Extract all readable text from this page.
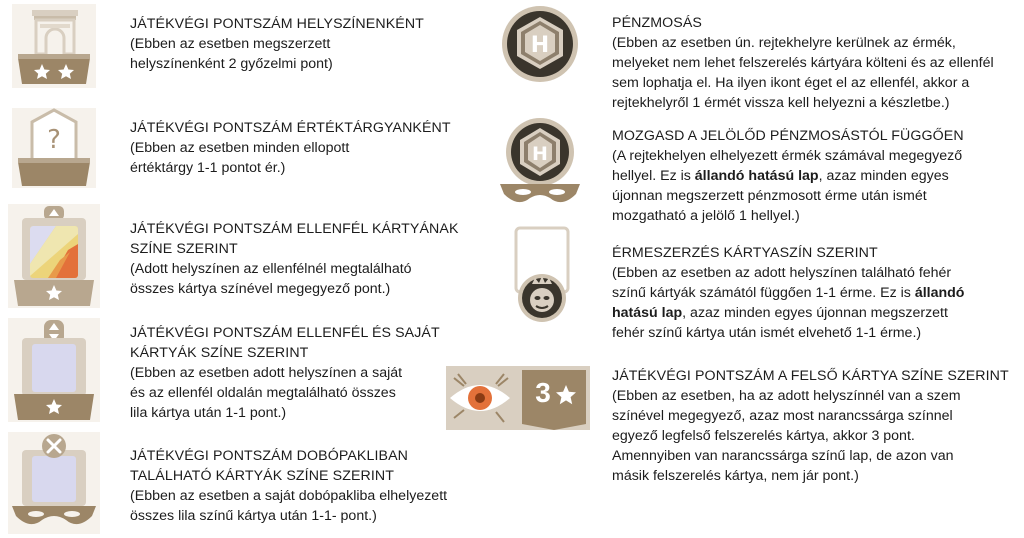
JÁTÉKVÉGI PONTSZÁM HELYSZÍNENKÉNT
(Ebben az esetben megszerzett
helyszínenként 2 győzelmi pont)
?	JÁTÉKVÉGI PONTSZÁM ÉRTÉKTÁRGYANKÉNT
(Ebben az esetben minden ellopott
értéktárgy 1-1 pontot ér.)
JÁTÉKVÉGI PONTSZÁM ELLENFÉL KÁRTYÁNAK
SZÍNE SZERINT
(Adott helyszínen az ellenfélnél megtalálható
összes kártya színével megegyező pont.)
JÁTÉKVÉGI PONTSZÁM ELLENFÉL ÉS SAJÁT
KÁRTYÁK SZÍNE SZERINT
(Ebben az esetben adott helyszínen a saját
és az ellenfél oldalán megtalálható összes
lila kártya után 1-1 pont.)
JÁTÉKVÉGI PONTSZÁM DOBÓPAKLIBAN
TALÁLHATÓ KÁRTYÁK SZÍNE SZERINT
(Ebben az esetben a saját dobópakliba elhelyezett
összes lila színű kártya után 1-1- pont.)
H
PÉNZMOSÁS
(Ebben az esetben ún. rejtekhelyre kerülnek az érmék,
melyeket nem lehet felszerelés kártyára költeni és az ellenfél
sem lophatja el. Ha ilyen ikont éget el az ellenfél, akkor a
rejtekhelyről 1 érmét vissza kell helyezni a készletbe.)
H
MOZGASD A JELÖLŐD PÉNZMOSÁSTÓL FÜGGŐEN
(A rejtekhelyen elhelyezett érmék számával megegyező
hellyel. Ez is állandó hatású lap, azaz minden egyes
újonnan megszerzett pénzmosott érme után ismét
mozgatható a jelölő 1 hellyel.)
ÉRMESZERZÉS KÁRTYASZÍN SZERINT
(Ebben az esetben az adott helyszínen található fehér
színű kártyák számától függően 1-1 érme. Ez is állandó
hatású lap, azaz minden egyes újonnan megszerzett
fehér színű kártya után ismét elvehető 1-1 érme.)
3
JÁTÉKVÉGI PONTSZÁM A FELSŐ KÁRTYA SZÍNE SZERINT
(Ebben az esetben, ha az adott helyszínnél van a szem
színével megegyező, azaz most narancssárga színnel
egyező legfelső felszerelés kártya, akkor 3 pont.
Amennyiben van narancssárga színű lap, de azon van
másik felszerelés kártya, nem jár pont.)
